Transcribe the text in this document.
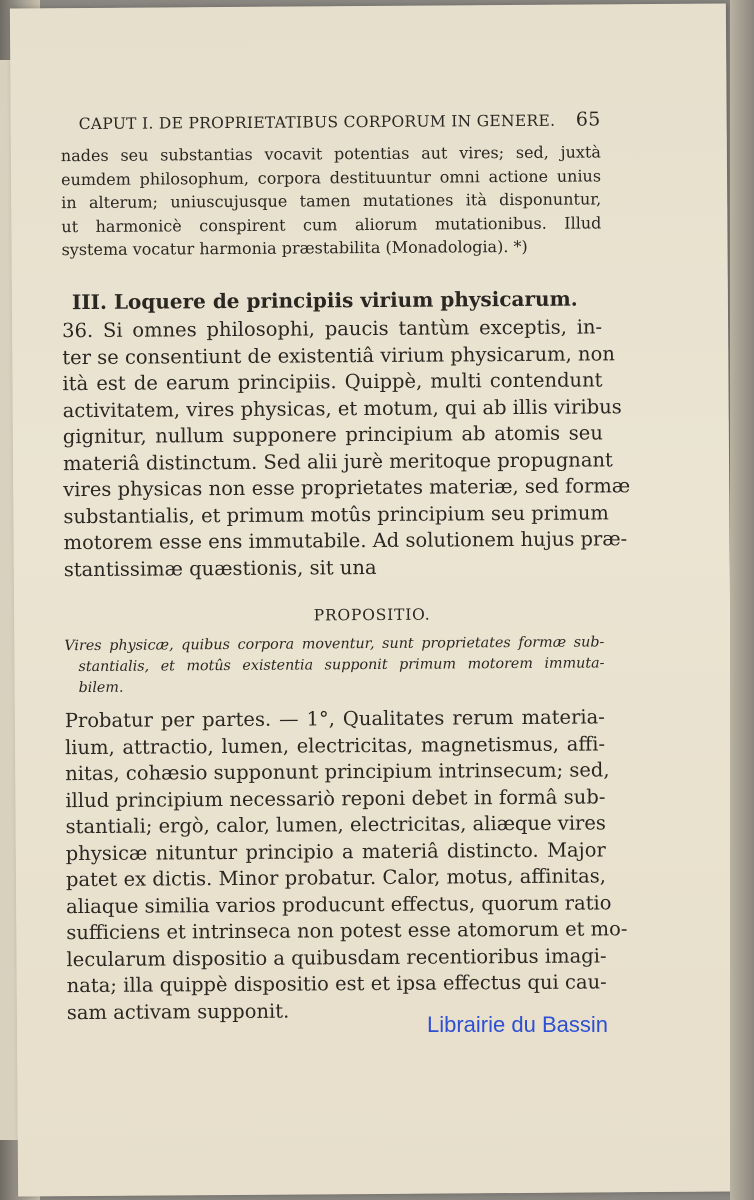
CAPUT I. DE PROPRIETATIBUS CORPORUM IN GENERE. 65
nades seu substantias vocavit potentias aut vires; sed, juxtà
eumdem philosophum, corpora destituuntur omni actione unius
in alterum; uniuscujusque tamen mutationes ità disponuntur,
ut harmonicè conspirent cum aliorum mutationibus. Illud
systema vocatur harmonia præstabilita (Monadologia). *)
III. Loquere de principiis virium physicarum.
36. Si omnes philosophi, paucis tantùm exceptis, in-
ter se consentiunt de existentiâ virium physicarum, non
ità est de earum principiis. Quippè, multi contendunt
activitatem, vires physicas, et motum, qui ab illis viribus
gignitur, nullum supponere principium ab atomis seu
materiâ distinctum. Sed alii jurè meritoque propugnant
vires physicas non esse proprietates materiæ, sed formæ
substantialis, et primum motûs principium seu primum
motorem esse ens immutabile. Ad solutionem hujus præ-
stantissimæ quæstionis, sit una
PROPOSITIO.
Vires physicæ, quibus corpora moventur, sunt proprietates formæ sub-
stantialis, et motûs existentia supponit primum motorem immuta-
bilem.
Probatur per partes. — 1°, Qualitates rerum materia-
lium, attractio, lumen, electricitas, magnetismus, affi-
nitas, cohæsio supponunt principium intrinsecum; sed,
illud principium necessariò reponi debet in formâ sub-
stantiali; ergò, calor, lumen, electricitas, aliæque vires
physicæ nituntur principio a materiâ distincto. Major
patet ex dictis. Minor probatur. Calor, motus, affinitas,
aliaque similia varios producunt effectus, quorum ratio
sufficiens et intrinseca non potest esse atomorum et mo-
lecularum dispositio a quibusdam recentioribus imagi-
nata; illa quippè dispositio est et ipsa effectus qui cau-
sam activam supponit.
Librairie du Bassin
